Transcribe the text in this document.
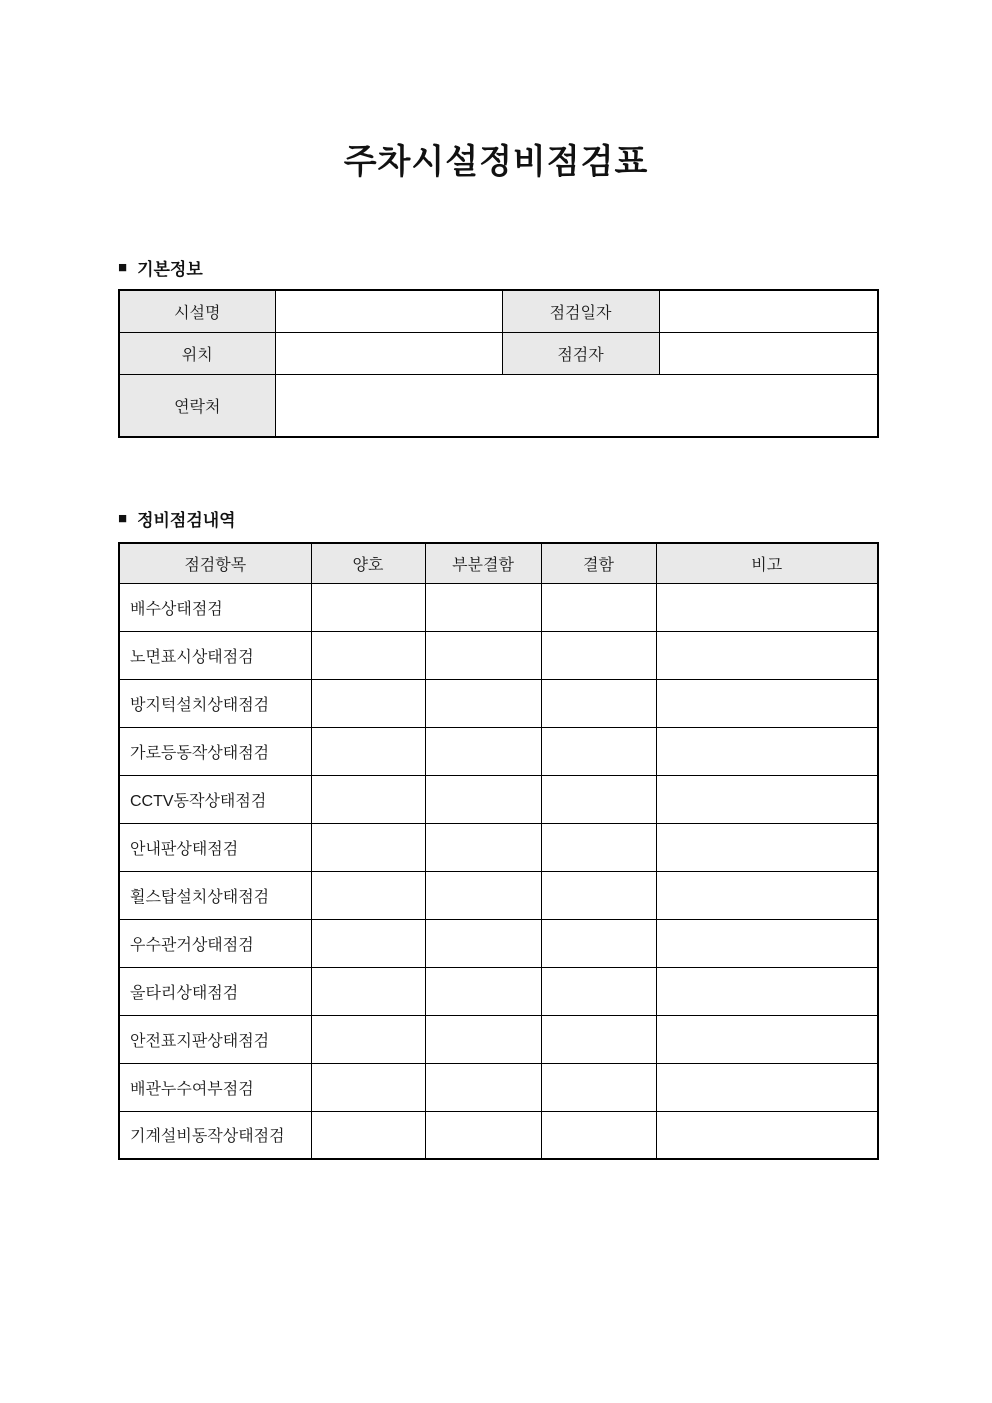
주차시설정비점검표
■ 기본정보
시설명		점검일자	
위치		점검자	
연락처			
■ 정비점검내역
점검항목	양호	부분결함	결함	비고
배수상태점검				
노면표시상태점검				
방지턱설치상태점검				
가로등동작상태점검				
CCTV동작상태점검				
안내판상태점검				
휠스탑설치상태점검				
우수관거상태점검				
울타리상태점검				
안전표지판상태점검				
배관누수여부점검				
기계설비동작상태점검				
